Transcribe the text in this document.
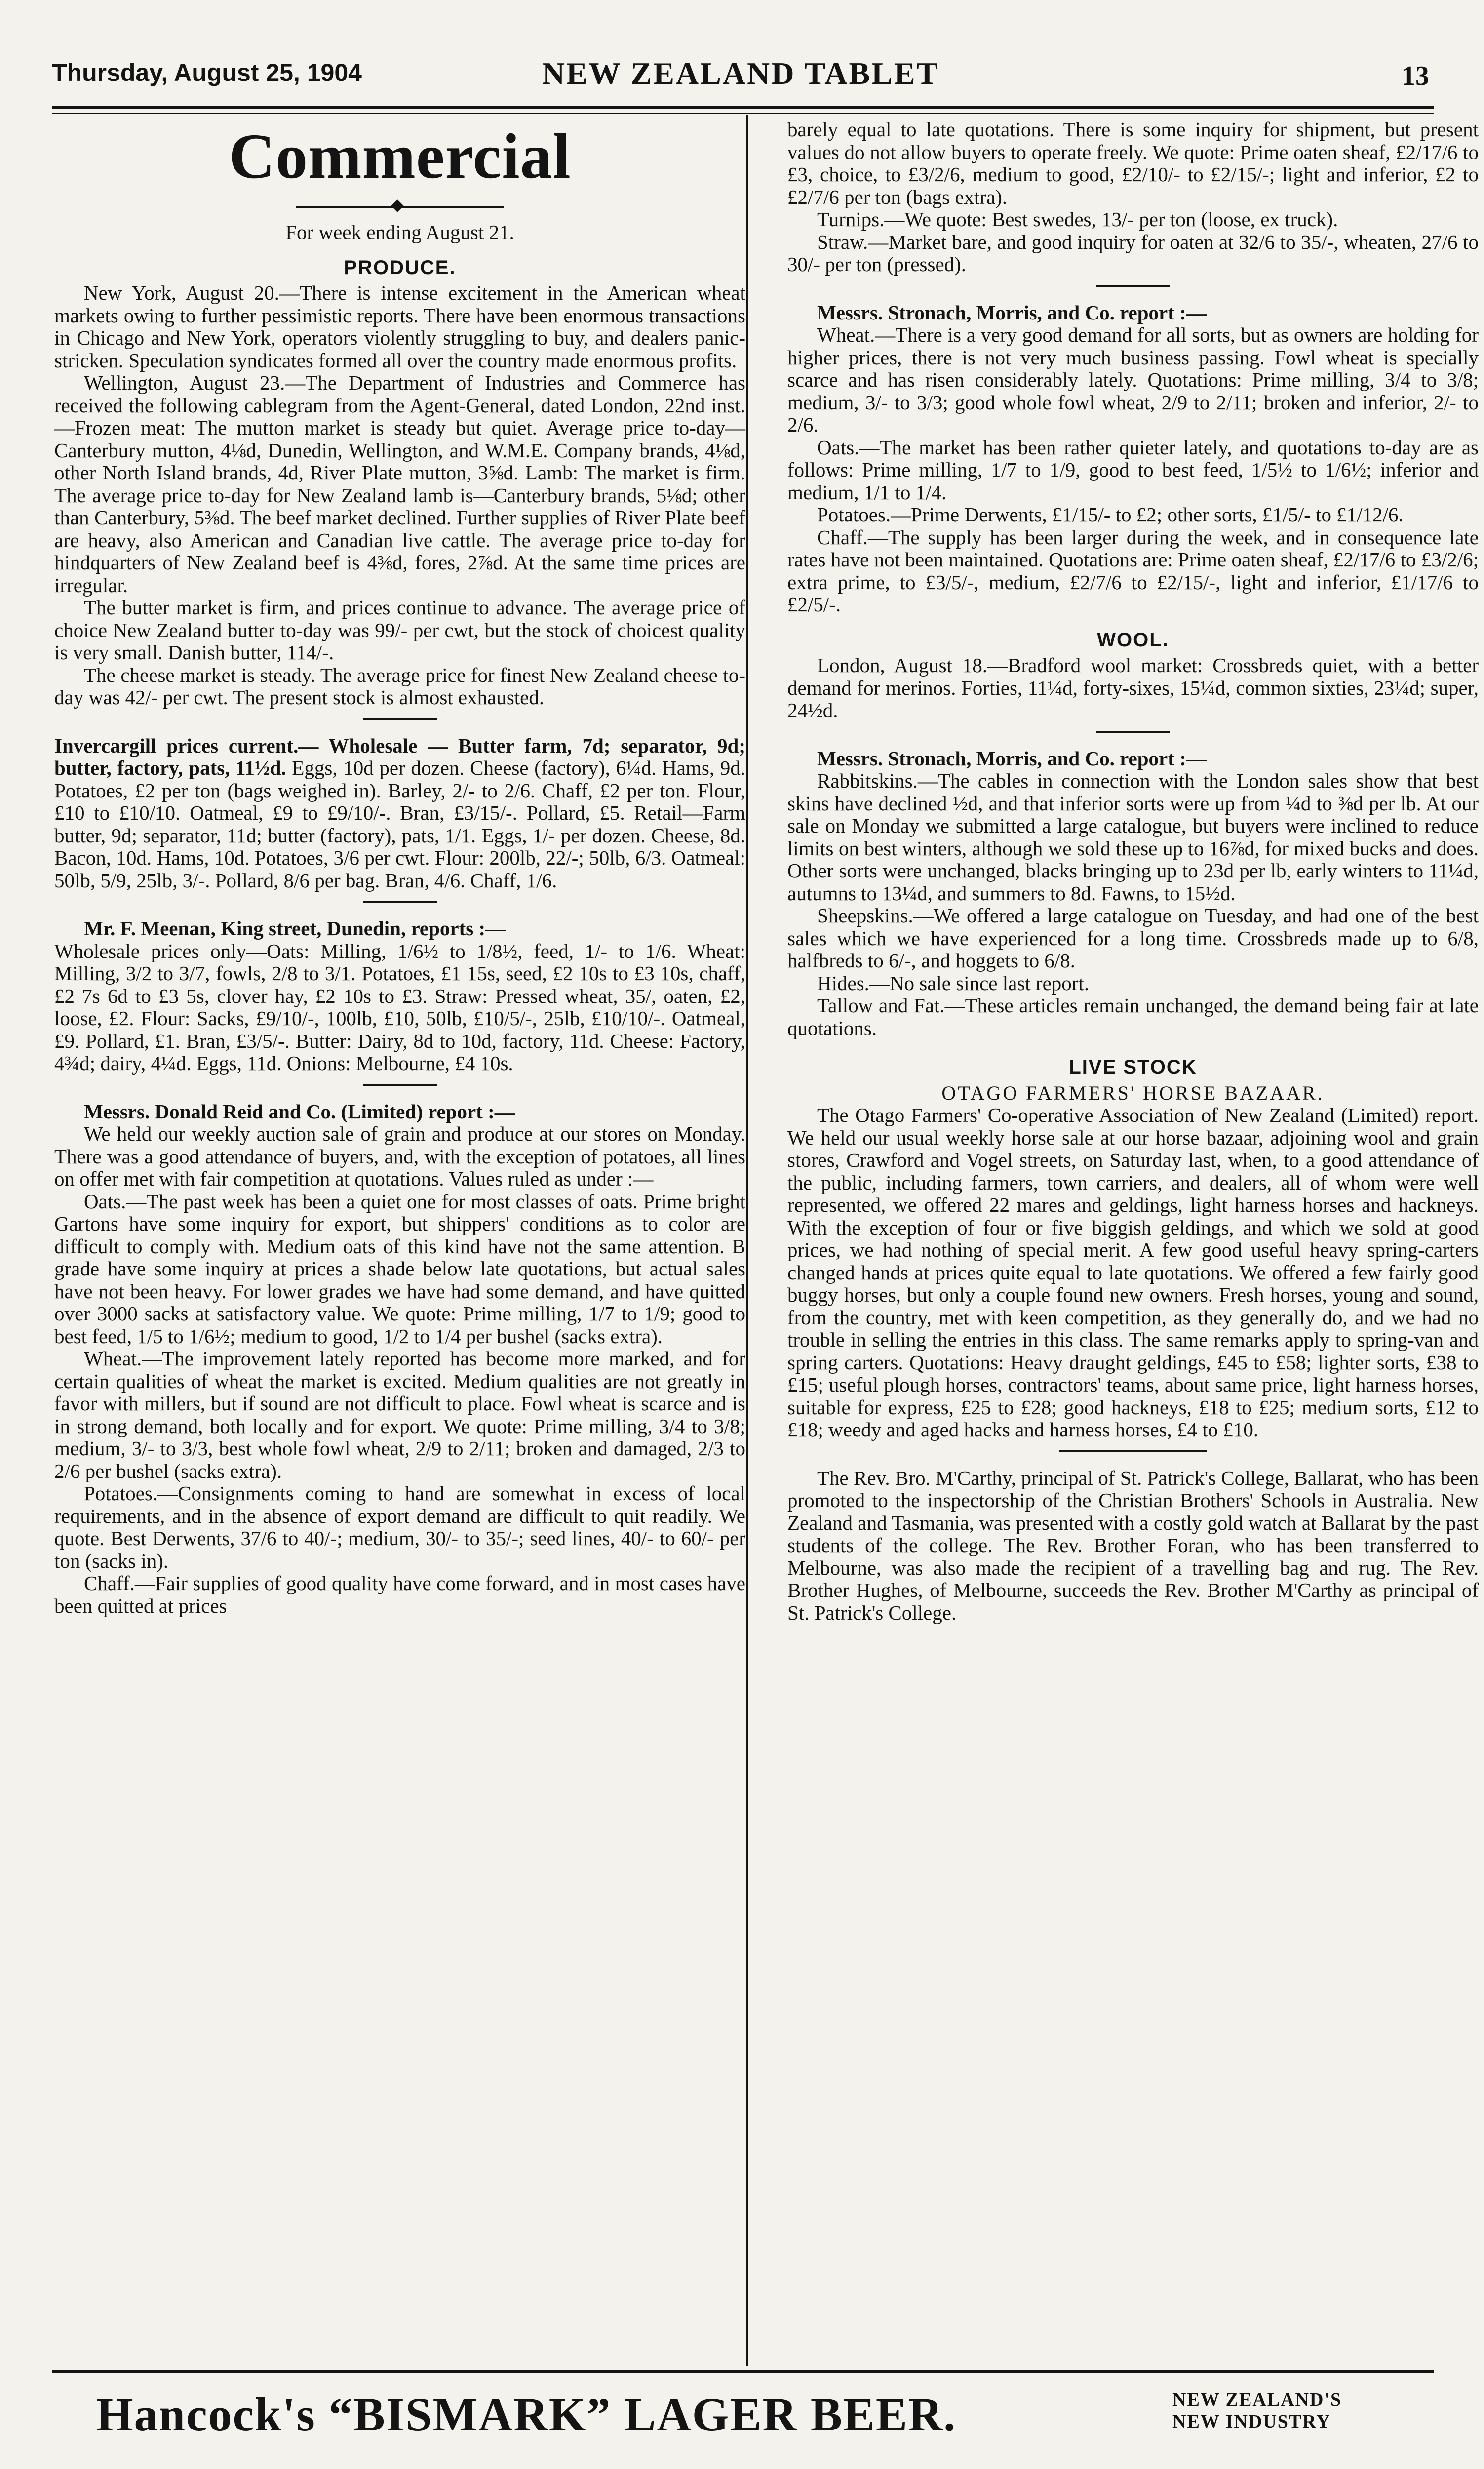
Thursday, August 25, 1904	NEW ZEALAND TABLET	13
Commercial

For week ending August 21.

PRODUCE.

New York, August 20.—There is intense excitement in the American wheat markets owing to further pessimistic reports. There have been enormous transactions in Chicago and New York, operators violently struggling to buy, and dealers panic-stricken. Speculation syndicates formed all over the country made enormous profits.

Wellington, August 23.—The Department of Industries and Commerce has received the following cablegram from the Agent-General, dated London, 22nd inst. —Frozen meat: The mutton market is steady but quiet. Average price to-day—Canterbury mutton, 4⅛d, Dunedin, Wellington, and W.M.E. Company brands, 4⅛d, other North Island brands, 4d, River Plate mutton, 3⅝d. Lamb: The market is firm. The average price to-day for New Zealand lamb is—Canterbury brands, 5⅛d; other than Canterbury, 5⅜d. The beef market declined. Further supplies of River Plate beef are heavy, also American and Canadian live cattle. The average price to-day for hindquarters of New Zealand beef is 4⅜d, fores, 2⅞d. At the same time prices are irregular.

The butter market is firm, and prices continue to advance. The average price of choice New Zealand butter to-day was 99/- per cwt, but the stock of choicest quality is very small. Danish butter, 114/-.

The cheese market is steady. The average price for finest New Zealand cheese to-day was 42/- per cwt. The present stock is almost exhausted.

Invercargill prices current.— Wholesale — Butter farm, 7d; separator, 9d; butter, factory, pats, 11½d. Eggs, 10d per dozen. Cheese (factory), 6¼d. Hams, 9d. Potatoes, £2 per ton (bags weighed in). Barley, 2/- to 2/6. Chaff, £2 per ton. Flour, £10 to £10/10. Oatmeal, £9 to £9/10/-. Bran, £3/15/-. Pollard, £5. Retail—Farm butter, 9d; separator, 11d; butter (factory), pats, 1/1. Eggs, 1/- per dozen. Cheese, 8d. Bacon, 10d. Hams, 10d. Potatoes, 3/6 per cwt. Flour: 200lb, 22/-; 50lb, 6/3. Oatmeal: 50lb, 5/9, 25lb, 3/-. Pollard, 8/6 per bag. Bran, 4/6. Chaff, 1/6.

Mr. F. Meenan, King street, Dunedin, reports :—

Wholesale prices only—Oats: Milling, 1/6½ to 1/8½, feed, 1/- to 1/6. Wheat: Milling, 3/2 to 3/7, fowls, 2/8 to 3/1. Potatoes, £1 15s, seed, £2 10s to £3 10s, chaff, £2 7s 6d to £3 5s, clover hay, £2 10s to £3. Straw: Pressed wheat, 35/, oaten, £2, loose, £2. Flour: Sacks, £9/10/-, 100lb, £10, 50lb, £10/5/-, 25lb, £10/10/-. Oatmeal, £9. Pollard, £1. Bran, £3/5/-. Butter: Dairy, 8d to 10d, factory, 11d. Cheese: Factory, 4¾d; dairy, 4¼d. Eggs, 11d. Onions: Melbourne, £4 10s.

Messrs. Donald Reid and Co. (Limited) report :—

We held our weekly auction sale of grain and produce at our stores on Monday. There was a good attendance of buyers, and, with the exception of potatoes, all lines on offer met with fair competition at quotations. Values ruled as under :—

Oats.—The past week has been a quiet one for most classes of oats. Prime bright Gartons have some inquiry for export, but shippers' conditions as to color are difficult to comply with. Medium oats of this kind have not the same attention. B grade have some inquiry at prices a shade below late quotations, but actual sales have not been heavy. For lower grades we have had some demand, and have quitted over 3000 sacks at satisfactory value. We quote: Prime milling, 1/7 to 1/9; good to best feed, 1/5 to 1/6½; medium to good, 1/2 to 1/4 per bushel (sacks extra).

Wheat.—The improvement lately reported has become more marked, and for certain qualities of wheat the market is excited. Medium qualities are not greatly in favor with millers, but if sound are not difficult to place. Fowl wheat is scarce and is in strong demand, both locally and for export. We quote: Prime milling, 3/4 to 3/8; medium, 3/- to 3/3, best whole fowl wheat, 2/9 to 2/11; broken and damaged, 2/3 to 2/6 per bushel (sacks extra).

Potatoes.—Consignments coming to hand are somewhat in excess of local requirements, and in the absence of export demand are difficult to quit readily. We quote. Best Derwents, 37/6 to 40/-; medium, 30/- to 35/-; seed lines, 40/- to 60/- per ton (sacks in).

Chaff.—Fair supplies of good quality have come forward, and in most cases have been quitted at prices

barely equal to late quotations. There is some inquiry for shipment, but present values do not allow buyers to operate freely. We quote: Prime oaten sheaf, £2/17/6 to £3, choice, to £3/2/6, medium to good, £2/10/- to £2/15/-; light and inferior, £2 to £2/7/6 per ton (bags extra).

Turnips.—We quote: Best swedes, 13/- per ton (loose, ex truck).

Straw.—Market bare, and good inquiry for oaten at 32/6 to 35/-, wheaten, 27/6 to 30/- per ton (pressed).

Messrs. Stronach, Morris, and Co. report :—

Wheat.—There is a very good demand for all sorts, but as owners are holding for higher prices, there is not very much business passing. Fowl wheat is specially scarce and has risen considerably lately. Quotations: Prime milling, 3/4 to 3/8; medium, 3/- to 3/3; good whole fowl wheat, 2/9 to 2/11; broken and inferior, 2/- to 2/6.

Oats.—The market has been rather quieter lately, and quotations to-day are as follows: Prime milling, 1/7 to 1/9, good to best feed, 1/5½ to 1/6½; inferior and medium, 1/1 to 1/4.

Potatoes.—Prime Derwents, £1/15/- to £2; other sorts, £1/5/- to £1/12/6.

Chaff.—The supply has been larger during the week, and in consequence late rates have not been maintained. Quotations are: Prime oaten sheaf, £2/17/6 to £3/2/6; extra prime, to £3/5/-, medium, £2/7/6 to £2/15/-, light and inferior, £1/17/6 to £2/5/-.

WOOL.

London, August 18.—Bradford wool market: Crossbreds quiet, with a better demand for merinos. Forties, 11¼d, forty-sixes, 15¼d, common sixties, 23¼d; super, 24½d.

Messrs. Stronach, Morris, and Co. report :—

Rabbitskins.—The cables in connection with the London sales show that best skins have declined ½d, and that inferior sorts were up from ¼d to ⅜d per lb. At our sale on Monday we submitted a large catalogue, but buyers were inclined to reduce limits on best winters, although we sold these up to 16⅞d, for mixed bucks and does. Other sorts were unchanged, blacks bringing up to 23d per lb, early winters to 11¼d, autumns to 13¼d, and summers to 8d. Fawns, to 15½d.

Sheepskins.—We offered a large catalogue on Tuesday, and had one of the best sales which we have experienced for a long time. Crossbreds made up to 6/8, halfbreds to 6/-, and hoggets to 6/8.

Hides.—No sale since last report.

Tallow and Fat.—These articles remain unchanged, the demand being fair at late quotations.

LIVE STOCK

OTAGO FARMERS' HORSE BAZAAR.

The Otago Farmers' Co-operative Association of New Zealand (Limited) report. We held our usual weekly horse sale at our horse bazaar, adjoining wool and grain stores, Crawford and Vogel streets, on Saturday last, when, to a good attendance of the public, including farmers, town carriers, and dealers, all of whom were well represented, we offered 22 mares and geldings, light harness horses and hackneys. With the exception of four or five biggish geldings, and which we sold at good prices, we had nothing of special merit. A few good useful heavy spring-carters changed hands at prices quite equal to late quotations. We offered a few fairly good buggy horses, but only a couple found new owners. Fresh horses, young and sound, from the country, met with keen competition, as they generally do, and we had no trouble in selling the entries in this class. The same remarks apply to spring-van and spring carters. Quotations: Heavy draught geldings, £45 to £58; lighter sorts, £38 to £15; useful plough horses, contractors' teams, about same price, light harness horses, suitable for express, £25 to £28; good hackneys, £18 to £25; medium sorts, £12 to £18; weedy and aged hacks and harness horses, £4 to £10.

The Rev. Bro. M'Carthy, principal of St. Patrick's College, Ballarat, who has been promoted to the inspectorship of the Christian Brothers' Schools in Australia. New Zealand and Tasmania, was presented with a costly gold watch at Ballarat by the past students of the college. The Rev. Brother Foran, who has been transferred to Melbourne, was also made the recipient of a travelling bag and rug. The Rev. Brother Hughes, of Melbourne, succeeds the Rev. Brother M'Carthy as principal of St. Patrick's College.

Hancock's “BISMARK” LAGER BEER.	NEW ZEALAND'S
NEW INDUSTRY
